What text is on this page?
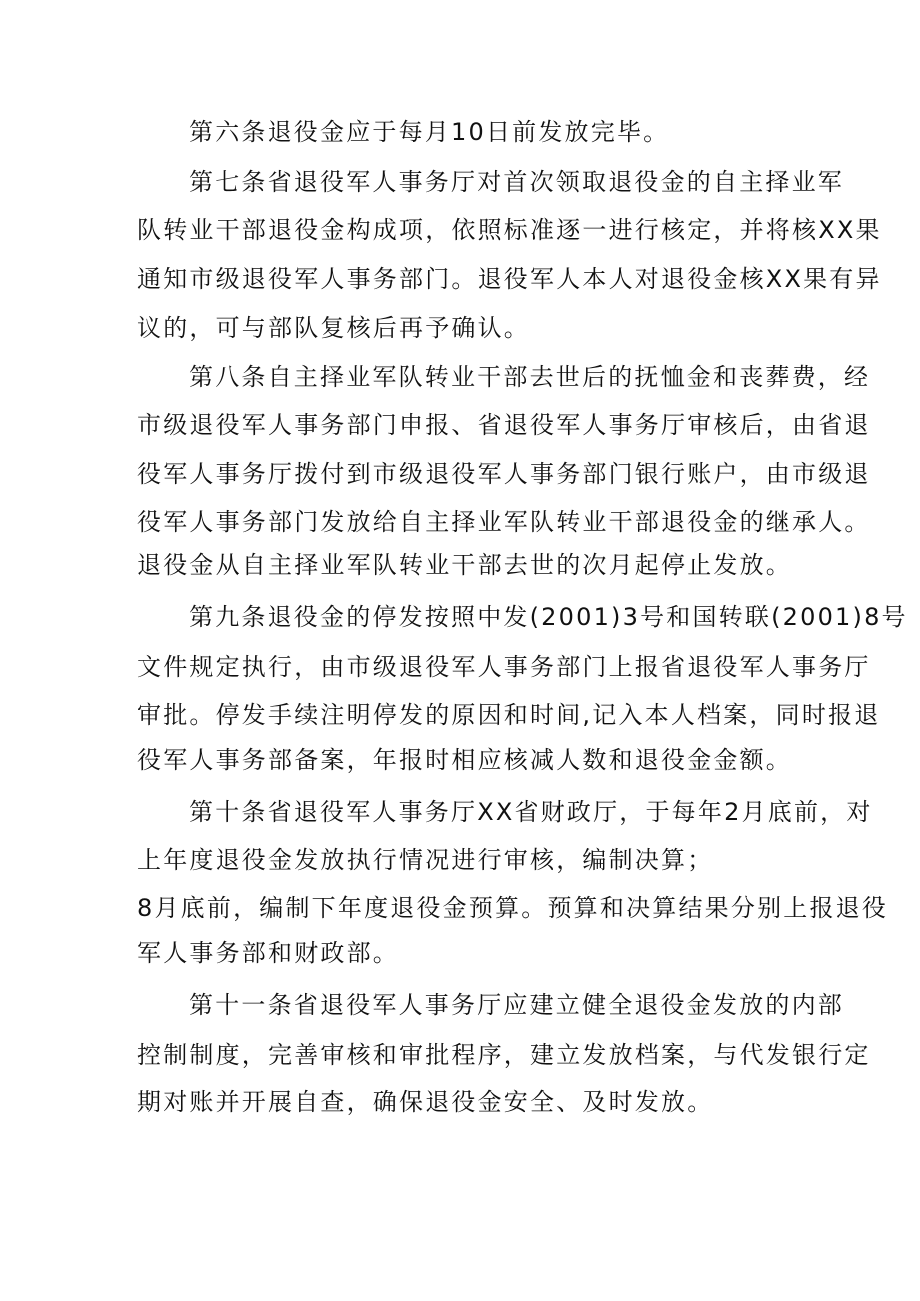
第六条退役金应于每月10日前发放完毕。
第七条省退役军人事务厅对首次领取退役金的自主择业军
队转业干部退役金构成项，依照标准逐一进行核定，并将核XX果
通知市级退役军人事务部门。退役军人本人对退役金核XX果有异
议的，可与部队复核后再予确认。
第八条自主择业军队转业干部去世后的抚恤金和丧葬费，经
市级退役军人事务部门申报、省退役军人事务厅审核后，由省退
役军人事务厅拨付到市级退役军人事务部门银行账户，由市级退
役军人事务部门发放给自主择业军队转业干部退役金的继承人。
退役金从自主择业军队转业干部去世的次月起停止发放。
第九条退役金的停发按照中发(2001)3号和国转联(2001)8号
文件规定执行，由市级退役军人事务部门上报省退役军人事务厅
审批。停发手续注明停发的原因和时间,记入本人档案，同时报退
役军人事务部备案，年报时相应核减人数和退役金金额。
第十条省退役军人事务厅XX省财政厅，于每年2月底前，对
上年度退役金发放执行情况进行审核，编制决算；
8月底前，编制下年度退役金预算。预算和决算结果分别上报退役
军人事务部和财政部。
第十一条省退役军人事务厅应建立健全退役金发放的内部
控制制度，完善审核和审批程序，建立发放档案，与代发银行定
期对账并开展自查，确保退役金安全、及时发放。
